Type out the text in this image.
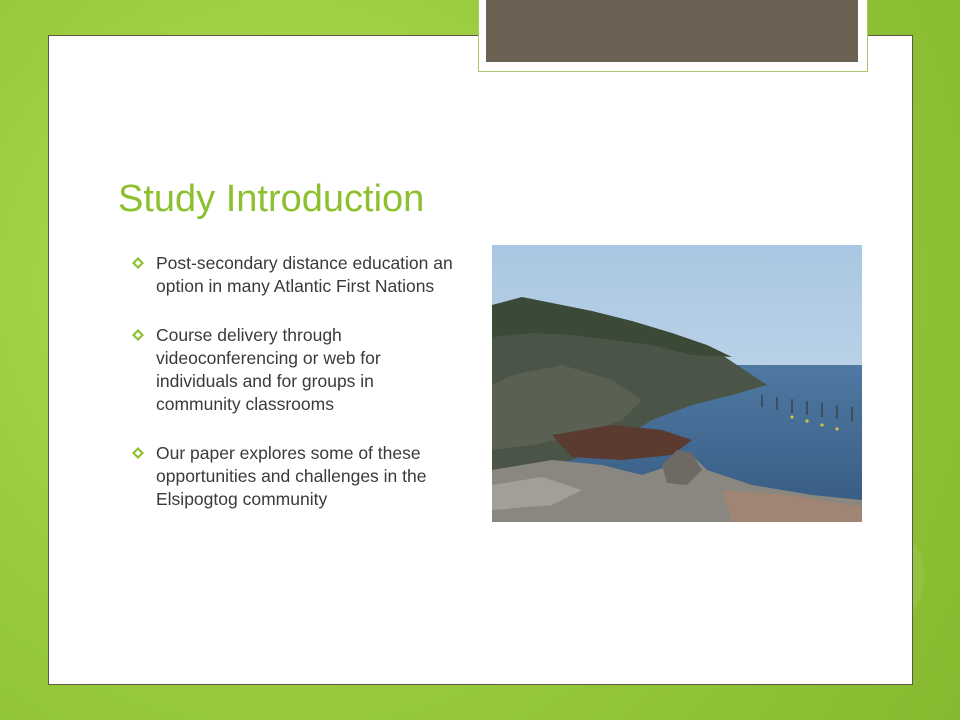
Study Introduction
Post-secondary distance education an option in many Atlantic First Nations
Course delivery through videoconferencing or web for individuals and for groups in community classrooms
Our paper explores some of these opportunities and challenges in the Elsipogtog community
